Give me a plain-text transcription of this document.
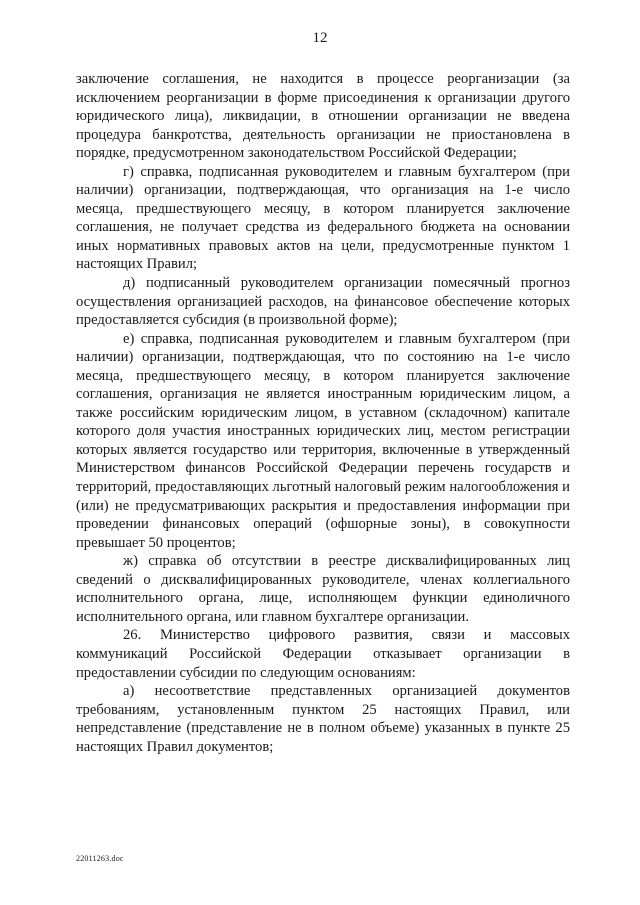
12

заключение соглашения, не находится в процессе реорганизации (за исключением реорганизации в форме присоединения к организации другого юридического лица), ликвидации, в отношении организации не введена процедура банкротства, деятельность организации не приостановлена в порядке, предусмотренном законодательством Российской Федерации;

г) справка, подписанная руководителем и главным бухгалтером (при наличии) организации, подтверждающая, что организация на 1-е число месяца, предшествующего месяцу, в котором планируется заключение соглашения, не получает средства из федерального бюджета на основании иных нормативных правовых актов на цели, предусмотренные пунктом 1 настоящих Правил;

д) подписанный руководителем организации помесячный прогноз осуществления организацией расходов, на финансовое обеспечение которых предоставляется субсидия (в произвольной форме);

е) справка, подписанная руководителем и главным бухгалтером (при наличии) организации, подтверждающая, что по состоянию на 1-е число месяца, предшествующего месяцу, в котором планируется заключение соглашения, организация не является иностранным юридическим лицом, а также российским юридическим лицом, в уставном (складочном) капитале которого доля участия иностранных юридических лиц, местом регистрации которых является государство или территория, включенные в утвержденный Министерством финансов Российской Федерации перечень государств и территорий, предоставляющих льготный налоговый режим налогообложения и (или) не предусматривающих раскрытия и предоставления информации при проведении финансовых операций (офшорные зоны), в совокупности превышает 50 процентов;

ж) справка об отсутствии в реестре дисквалифицированных лиц сведений о дисквалифицированных руководителе, членах коллегиального исполнительного органа, лице, исполняющем функции единоличного исполнительного органа, или главном бухгалтере организации.

26. Министерство цифрового развития, связи и массовых коммуникаций Российской Федерации отказывает организации в предоставлении субсидии по следующим основаниям:

а) несоответствие представленных организацией документов требованиям, установленным пунктом 25 настоящих Правил, или непредставление (представление не в полном объеме) указанных в пункте 25 настоящих Правил документов;

22011263.doc
